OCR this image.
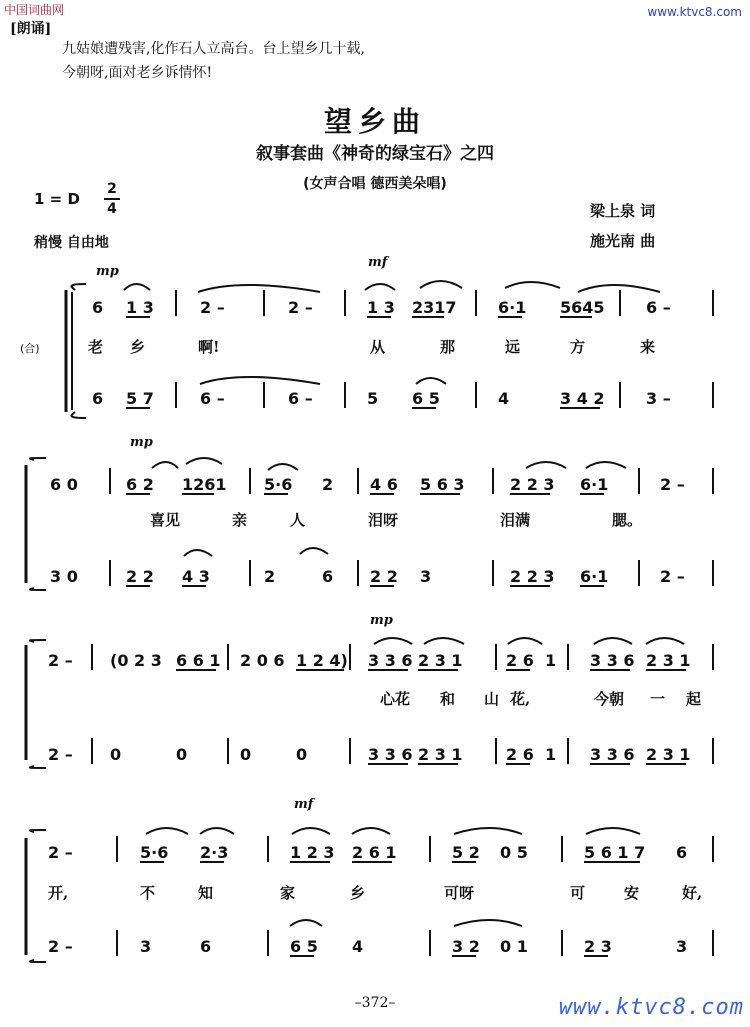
中国词曲网	www.ktvc8.com
[朗诵]
九姑娘遭残害,化作石人立高台。台上望乡几十载,
今朝呀,面对老乡诉情怀!
望乡曲
叙事套曲《神奇的绿宝石》之四
(女声合唱 德西美朵唱)
1 = D
2
4
稍慢 自由地
梁上泉 词
施光南 曲
6 1 3	2 –	2 –	1 3 2317	6·1 5645	6 –
6 5 7	6 –	6 –	5 6 5	4	3 4 2	3 –
老 乡	啊!	从	那	远	方	来
mp
mf
(合)
6 0	6 2 1261 5·6 2 4 6 5 6 3	2 2 3 6·1	2 –
3 0	2 2 4 3	2	6 2 2 3	2 2 3 6·1	2 –
喜见	亲	人	泪呀	泪满	腮。
mp
2 – (0 2 3 6 6 1 2 0 6 1 2 4) 3 3 6 2 3 1	2 6 1 3 3 6 2 3 1
2 – 0	0	0	0	3 3 6 2 3 1	2 6 1 3 3 6 2 3 1
心花 和 山 花,	今朝 一 起
mp
2 –	5·6 2·3	1 2 3 2 6 1	5 2 0 5	5 6 1 7 6
2 –	3	6	6 5 4	3 2 0 1	2 3	3
开,	不	知	家	乡	可呀	可	安	好,
mf
–372–	www.ktvc8.com
